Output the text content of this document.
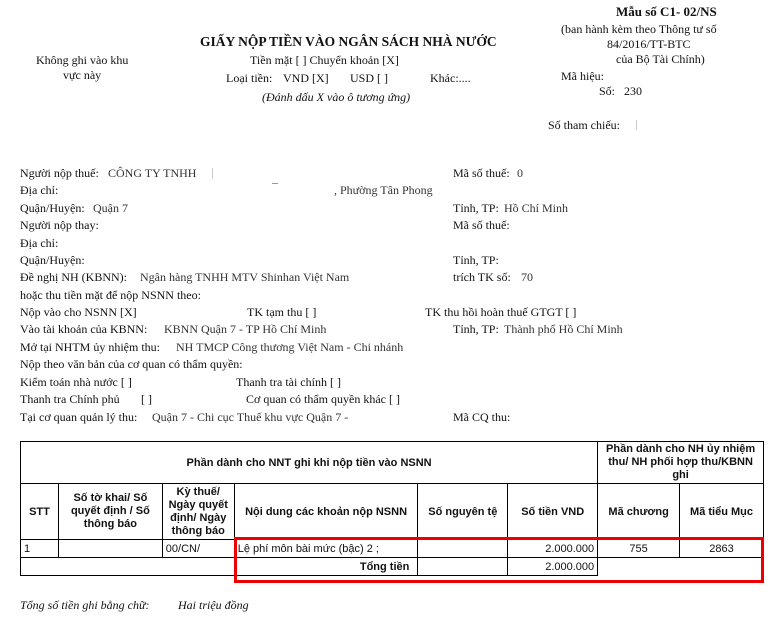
Không ghi vào khu
vực này
GIẤY NỘP TIỀN VÀO NGÂN SÁCH NHÀ NƯỚC
Tiền mặt [ ] Chuyển khoản [X]
Loại tiền: VND [X] USD [ ]	Khác:....
(Đánh dấu X vào ô tương ứng)
Mẫu số C1- 02/NS
(ban hành kèm theo Thông tư số
84/2016/TT-BTC
của Bộ Tài Chính)
Mã hiệu:
Số: 230
Số tham chiếu:
Người nộp thuế: CÔNG TY TNHH	Mã số thuế: 0
Địa chỉ:	, Phường Tân Phong
Quận/Huyện: Quận 7	Tỉnh, TP: Hồ Chí Minh
Người nộp thay:	Mã số thuế:
Địa chỉ:
Quận/Huyện:	Tỉnh, TP:
Đề nghị NH (KBNN): Ngân hàng TNHH MTV Shinhan Việt Nam	trích TK số: 70
hoặc thu tiền mặt để nộp NSNN theo:
Nộp vào cho NSNN [X]	TK tạm thu [ ]	TK thu hồi hoàn thuế GTGT [ ]
Vào tài khoản của KBNN: KBNN Quận 7 - TP Hồ Chí Minh	Tỉnh, TP: Thành phố Hồ Chí Minh
Mở tại NHTM ủy nhiệm thu: NH TMCP Công thương Việt Nam - Chi nhánh
Nộp theo văn bản của cơ quan có thẩm quyền:
Kiểm toán nhà nước [ ]	Thanh tra tài chính [ ]
Thanh tra Chính phủ [ ]	Cơ quan có thẩm quyền khác [ ]
Tại cơ quan quản lý thu: Quận 7 - Chi cục Thuế khu vực Quận 7 -	Mã CQ thu:
Phần dành cho NNT ghi khi nộp tiền vào NSNN						Phần dành cho NH ủy nhiệm thu/ NH phối hợp thu/KBNN ghi	
STT	Số tờ khai/ Số quyết định / Số thông báo	Kỳ thuế/ Ngày quyết định/ Ngày thông báo	Nội dung các khoản nộp NSNN	Số nguyên tệ	Số tiền VND	Mã chương	Mã tiểu Mục
1		00/CN/	Lệ phí môn bài mức (bậc) 2 ;		2.000.000	755	2863
			Tổng tiền		2.000.000		
Tổng số tiền ghi bằng chữ: Hai triệu đồng
